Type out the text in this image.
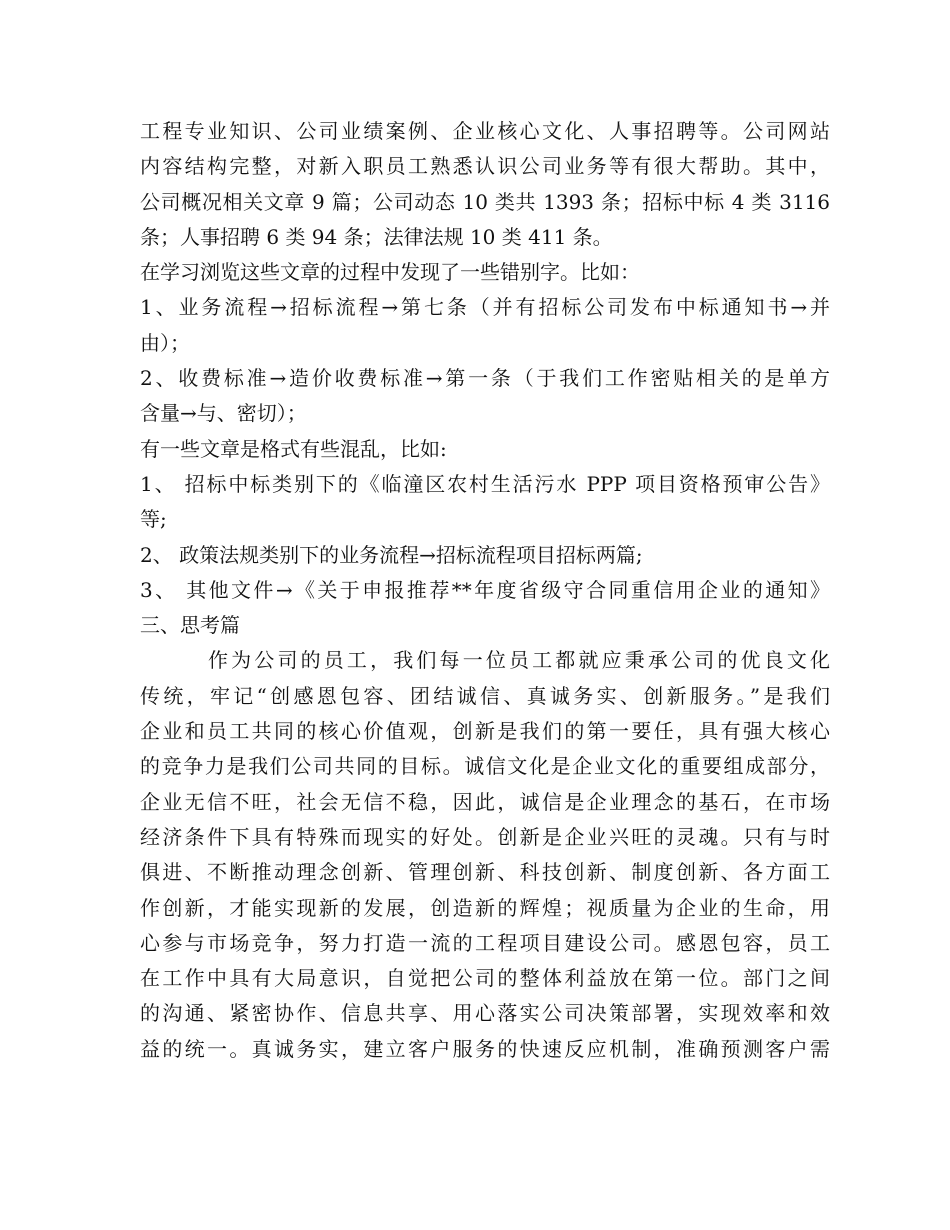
工程专业知识、公司业绩案例、企业核心文化、人事招聘等。公司网站
内容结构完整，对新入职员工熟悉认识公司业务等有很大帮助。其中，
公司概况相关文章 9 篇；公司动态 10 类共 1393 条；招标中标 4 类 3116
条；人事招聘 6 类 94 条；法律法规 10 类 411 条。
在学习浏览这些文章的过程中发现了一些错别字。比如：
1、业务流程→招标流程→第七条（并有招标公司发布中标通知书→并
由）；
2、收费标准→造价收费标准→第一条（于我们工作密贴相关的是单方
含量→与、密切）；
有一些文章是格式有些混乱，比如:
1、 招标中标类别下的《临潼区农村生活污水 PPP 项目资格预审公告》
等;
2、 政策法规类别下的业务流程→招标流程项目招标两篇;
3、 其他文件→《关于申报推荐**年度省级守合同重信用企业的通知》
三、思考篇
作为公司的员工，我们每一位员工都就应秉承公司的优良文化
传统，牢记“创感恩包容、团结诚信、真诚务实、创新服务。”是我们
企业和员工共同的核心价值观，创新是我们的第一要任，具有强大核心
的竞争力是我们公司共同的目标。诚信文化是企业文化的重要组成部分，
企业无信不旺，社会无信不稳，因此，诚信是企业理念的基石，在市场
经济条件下具有特殊而现实的好处。创新是企业兴旺的灵魂。只有与时
俱进、不断推动理念创新、管理创新、科技创新、制度创新、各方面工
作创新，才能实现新的发展，创造新的辉煌；视质量为企业的生命，用
心参与市场竞争，努力打造一流的工程项目建设公司。感恩包容，员工
在工作中具有大局意识，自觉把公司的整体利益放在第一位。部门之间
的沟通、紧密协作、信息共享、用心落实公司决策部署，实现效率和效
益的统一。真诚务实，建立客户服务的快速反应机制，准确预测客户需
